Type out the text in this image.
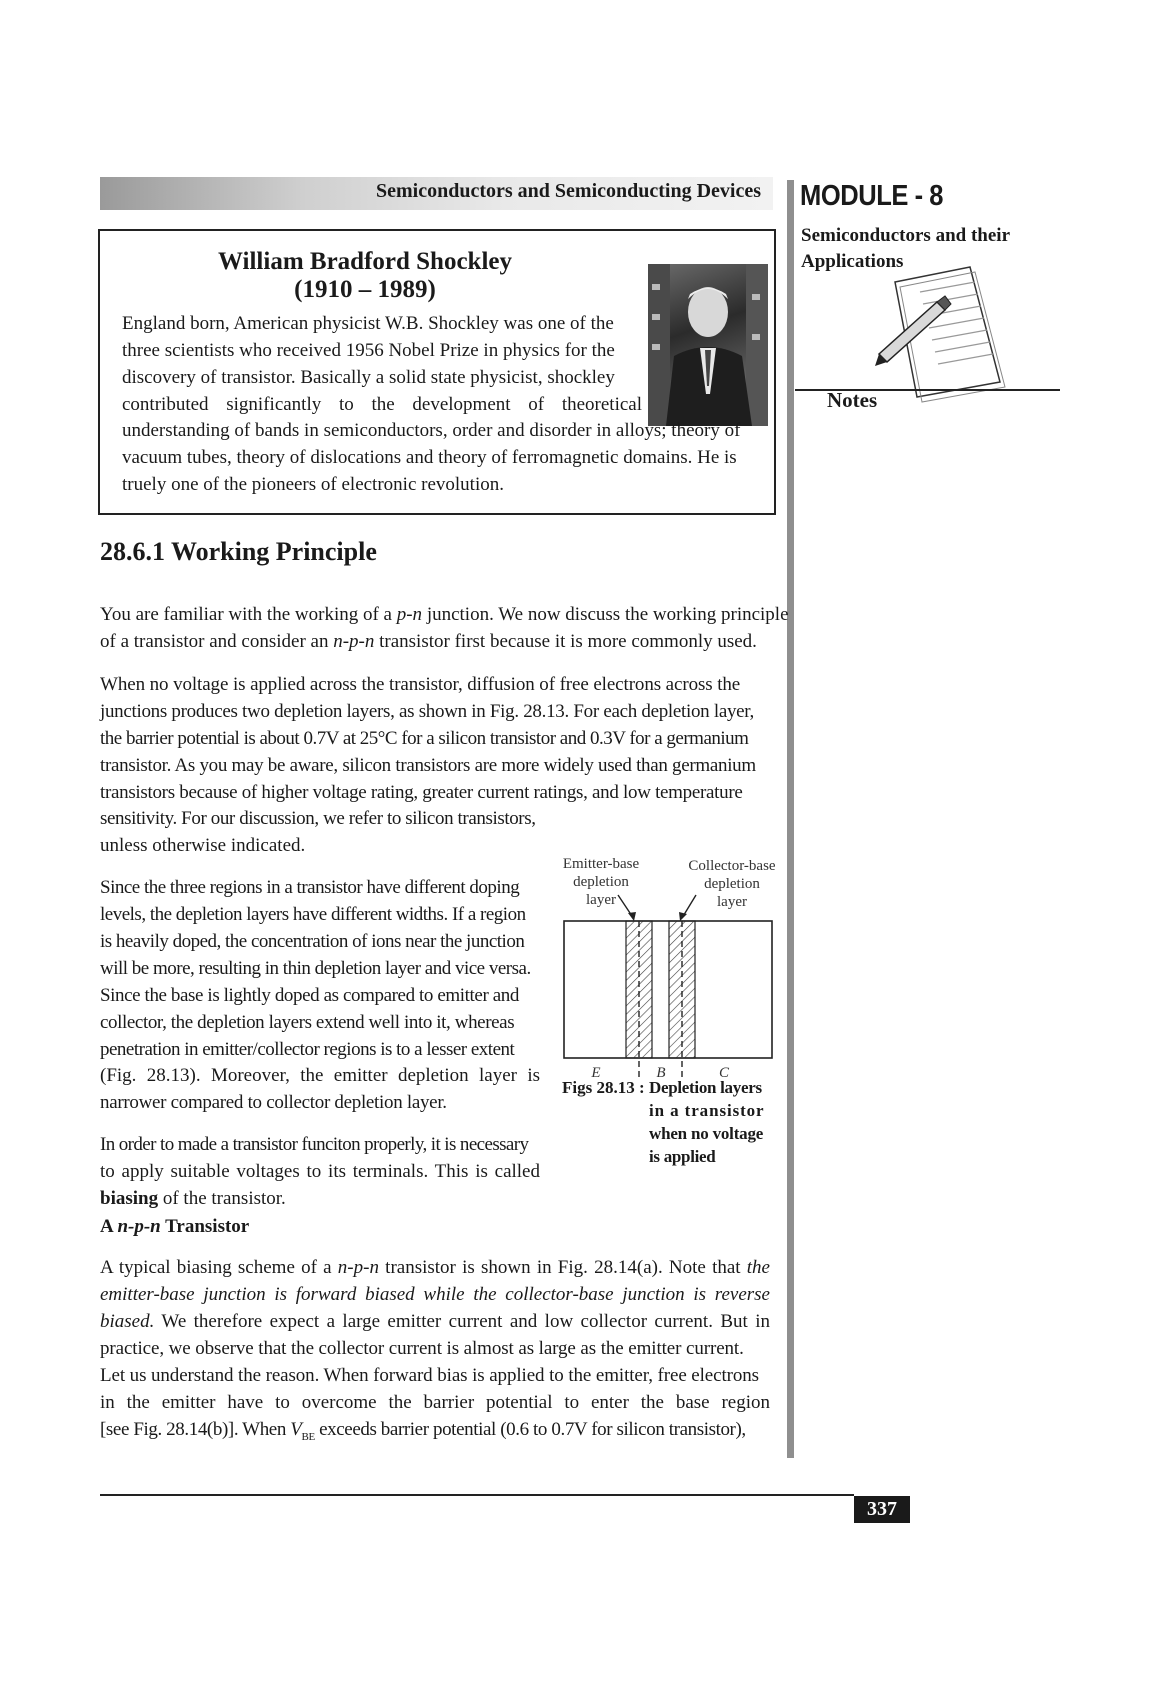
Semiconductors and Semiconducting Devices MODULE - 8
Semiconductors and their Applications
Notes
William Bradford Shockley
(1910 – 1989)
England born, American physicist W.B. Shockley was one of the
three scientists who received 1956 Nobel Prize in physics for the
discovery of transistor. Basically a solid state physicist, shockley
contributed significantly to the development of theoretical
understanding of bands in semiconductors, order and disorder in alloys; theory of
vacuum tubes, theory of dislocations and theory of ferromagnetic domains. He is
truely one of the pioneers of electronic revolution.
28.6.1 Working Principle
You are familiar with the working of a p-n junction. We now discuss the working principle
of a transistor and consider an n-p-n transistor first because it is more commonly used.
When no voltage is applied across the transistor, diffusion of free electrons across the
junctions produces two depletion layers, as shown in Fig. 28.13. For each depletion layer,
the barrier potential is about 0.7V at 25°C for a silicon transistor and 0.3V for a germanium
transistor. As you may be aware, silicon transistors are more widely used than germanium
transistors because of higher voltage rating, greater current ratings, and low temperature
sensitivity. For our discussion, we refer to silicon transistors,
unless otherwise indicated.
Since the three regions in a transistor have different doping
levels, the depletion layers have different widths. If a region
is heavily doped, the concentration of ions near the junction
will be more, resulting in thin depletion layer and vice versa.
Since the base is lightly doped as compared to emitter and
collector, the depletion layers extend well into it, whereas
penetration in emitter/collector regions is to a lesser extent
(Fig. 28.13). Moreover, the emitter depletion layer is
narrower compared to collector depletion layer.
In order to made a transistor funciton properly, it is necessary
to apply suitable voltages to its terminals. This is called
biasing of the transistor.
Emitter-base
depletion
layer
Collector-base
depletion
layer
E	B	C
Figs 28.13 : Depletion layers
in a transistor
when no voltage
is applied
A n-p-n Transistor
A typical biasing scheme of a n-p-n transistor is shown in Fig. 28.14(a). Note that the
emitter-base junction is forward biased while the collector-base junction is reverse
biased. We therefore expect a large emitter current and low collector current. But in
practice, we observe that the collector current is almost as large as the emitter current.
Let us understand the reason. When forward bias is applied to the emitter, free electrons
in the emitter have to overcome the barrier potential to enter the base region
[see Fig. 28.14(b)]. When $V_{BE}$ exceeds barrier potential (0.6 to 0.7V for silicon transistor),
337
